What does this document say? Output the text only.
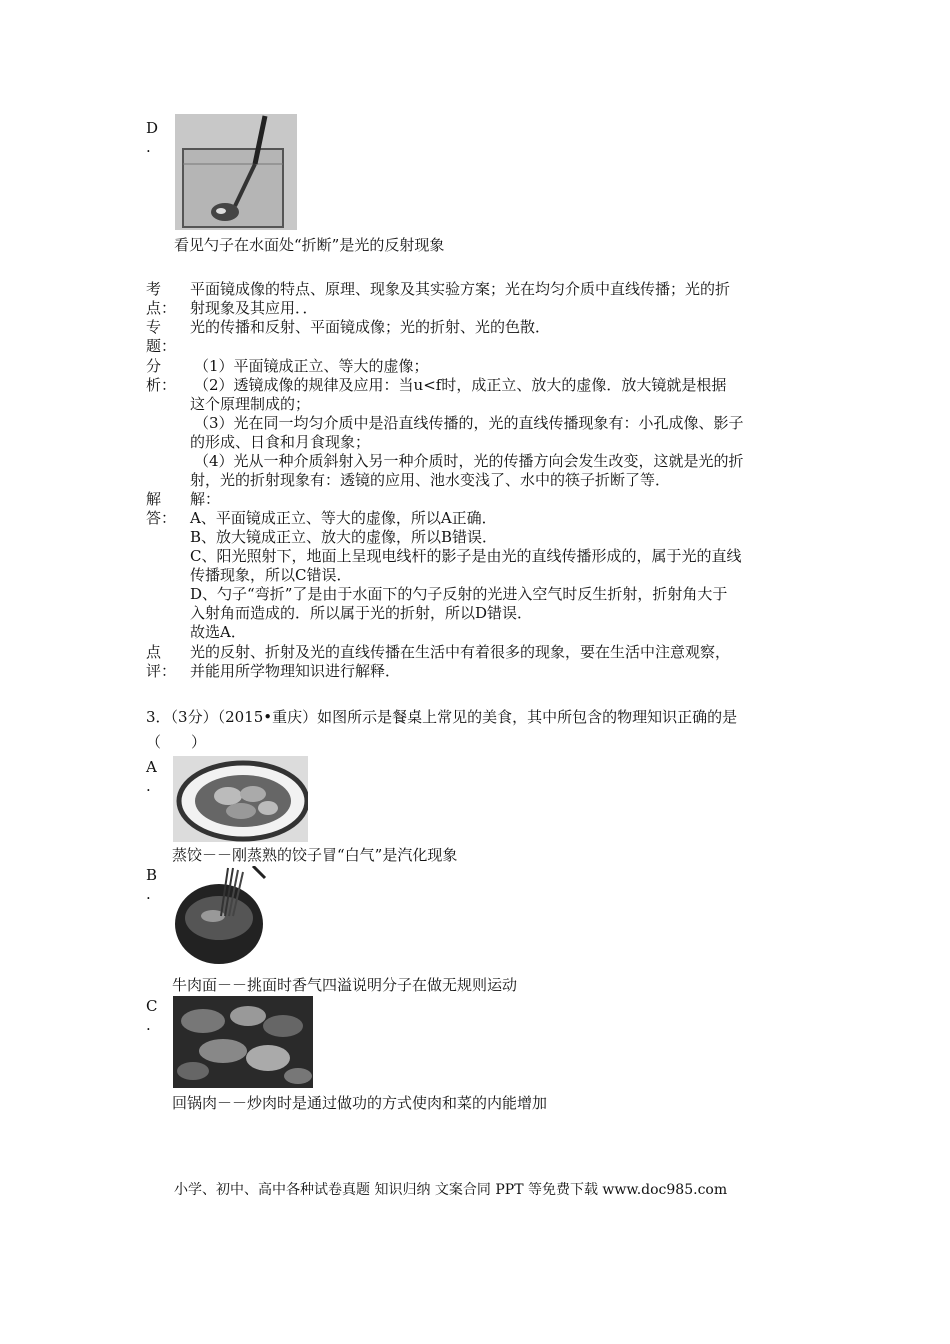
D
.
看见勺子在水面处“折断”是光的反射现象
考
点：
平面镜成像的特点、原理、现象及其实验方案；光在均匀介质中直线传播；光的折
射现象及其应用．．
专
题：
光的传播和反射、平面镜成像；光的折射、光的色散．
分
析：
（1）平面镜成正立、等大的虚像；
（2）透镜成像的规律及应用：当u<f时，成正立、放大的虚像．放大镜就是根据
这个原理制成的；
（3）光在同一均匀介质中是沿直线传播的，光的直线传播现象有：小孔成像、影子
的形成、日食和月食现象；
（4）光从一种介质斜射入另一种介质时，光的传播方向会发生改变，这就是光的折
射，光的折射现象有：透镜的应用、池水变浅了、水中的筷子折断了等．
解
答：
解：
A、平面镜成正立、等大的虚像，所以A正确．
B、放大镜成正立、放大的虚像，所以B错误．
C、阳光照射下，地面上呈现电线杆的影子是由光的直线传播形成的，属于光的直线
传播现象，所以C错误．
D、勺子“弯折”了是由于水面下的勺子反射的光进入空气时反生折射，折射角大于
入射角而造成的．所以属于光的折射，所以D错误．
故选A．
点
评：
光的反射、折射及光的直线传播在生活中有着很多的现象，要在生活中注意观察，
并能用所学物理知识进行解释．
3．（3分）（2015•重庆）如图所示是餐桌上常见的美食，其中所包含的物理知识正确的是
（　　）
A
.
蒸饺－－刚蒸熟的饺子冒“白气”是汽化现象
B
.
牛肉面－－挑面时香气四溢说明分子在做无规则运动
C
.
回锅肉－－炒肉时是通过做功的方式使肉和菜的内能增加
小学、初中、高中各种试卷真题 知识归纳 文案合同 PPT 等免费下载 www.doc985.com
